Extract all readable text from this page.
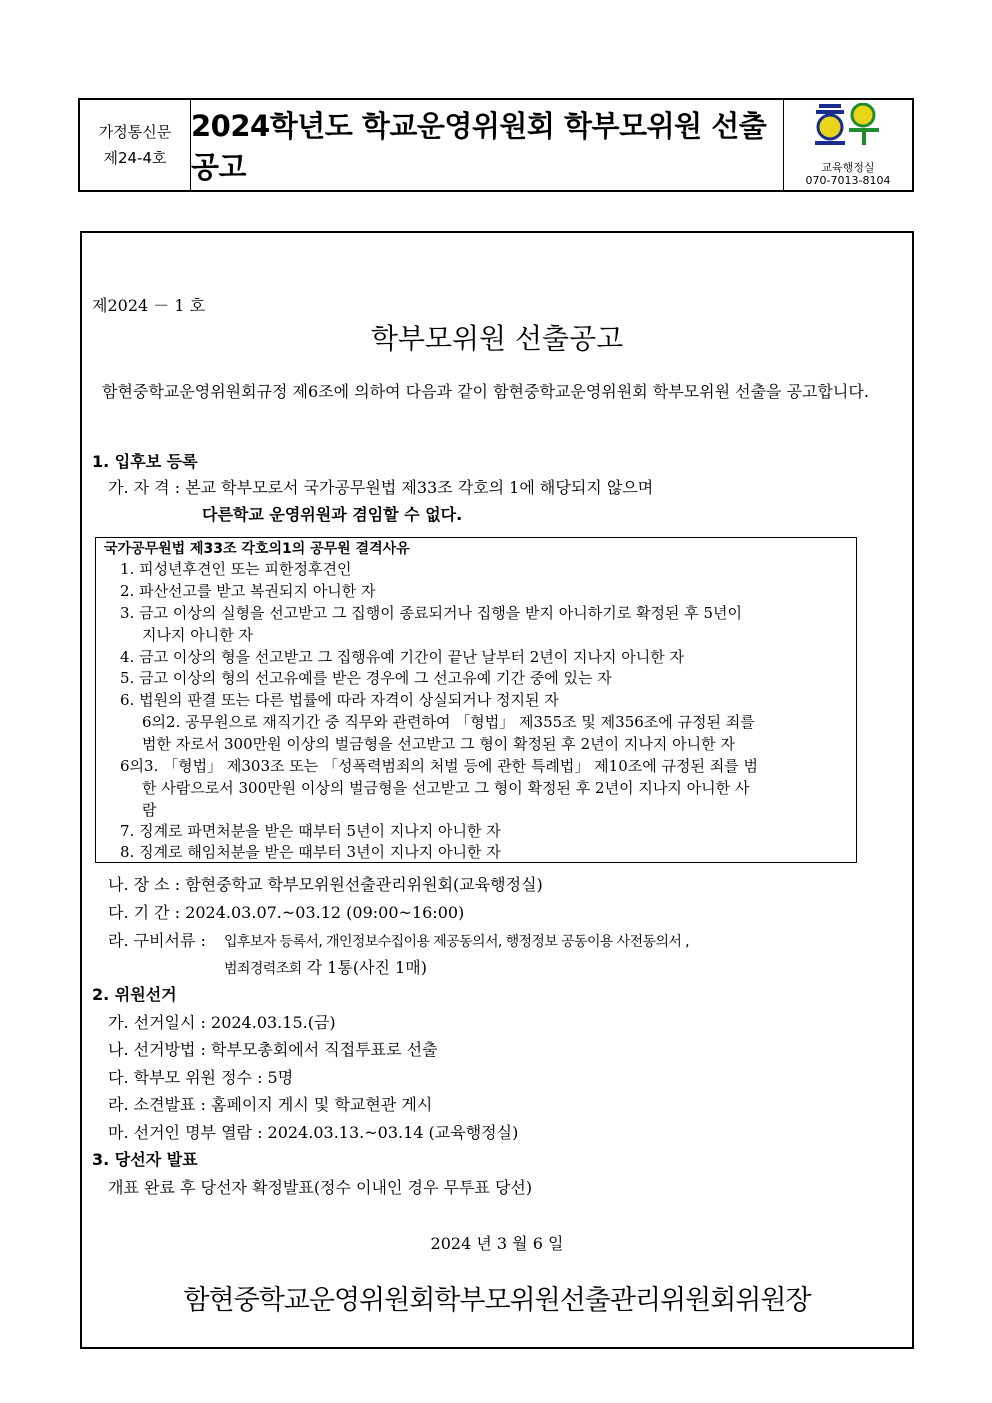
가정통신문
제24-4호
2024학년도 학교운영위원회 학부모위원 선출 공고	교육행정실
070-7013-8104
제2024 － 1 호
학부모위원 선출공고
함현중학교운영위원회규정 제6조에 의하여 다음과 같이 함현중학교운영위원회 학부모위원 선출을 공고합니다.
1. 입후보 등록
가. 자 격 : 본교 학부모로서 국가공무원법 제33조 각호의 1에 해당되지 않으며
다른학교 운영위원과 겸임할 수 없다.
국가공무원법 제33조 각호의1의 공무원 결격사유
1. 피성년후견인 또는 피한정후견인
2. 파산선고를 받고 복권되지 아니한 자
3. 금고 이상의 실형을 선고받고 그 집행이 종료되거나 집행을 받지 아니하기로 확정된 후 5년이
지나지 아니한 자
4. 금고 이상의 형을 선고받고 그 집행유예 기간이 끝난 날부터 2년이 지나지 아니한 자
5. 금고 이상의 형의 선고유예를 받은 경우에 그 선고유예 기간 중에 있는 자
6. 법원의 판결 또는 다른 법률에 따라 자격이 상실되거나 정지된 자
6의2. 공무원으로 재직기간 중 직무와 관련하여 「형법」 제355조 및 제356조에 규정된 죄를
범한 자로서 300만원 이상의 벌금형을 선고받고 그 형이 확정된 후 2년이 지나지 아니한 자
6의3. 「형법」 제303조 또는 「성폭력범죄의 처벌 등에 관한 특례법」 제10조에 규정된 죄를 범
한 사람으로서 300만원 이상의 벌금형을 선고받고 그 형이 확정된 후 2년이 지나지 아니한 사
람
7. 징계로 파면처분을 받은 때부터 5년이 지나지 아니한 자
8. 징계로 해임처분을 받은 때부터 3년이 지나지 아니한 자
나. 장 소 : 함현중학교 학부모위원선출관리위원회(교육행정실)
다. 기 간 : 2024.03.07.~03.12 (09:00~16:00)
라. 구비서류 : 입후보자 등록서, 개인정보수집이용 제공동의서, 행정정보 공동이용 사전동의서 ,
범죄경력조회 각 1통(사진 1매)
2. 위원선거
가. 선거일시 : 2024.03.15.(금)
나. 선거방법 : 학부모총회에서 직접투표로 선출
다. 학부모 위원 정수 : 5명
라. 소견발표 : 홈페이지 게시 및 학교현관 게시
마. 선거인 명부 열람 : 2024.03.13.~03.14 (교육행정실)
3. 당선자 발표
개표 완료 후 당선자 확정발표(정수 이내인 경우 무투표 당선)
2024 년 3 월 6 일
함현중학교운영위원회학부모위원선출관리위원회위원장
